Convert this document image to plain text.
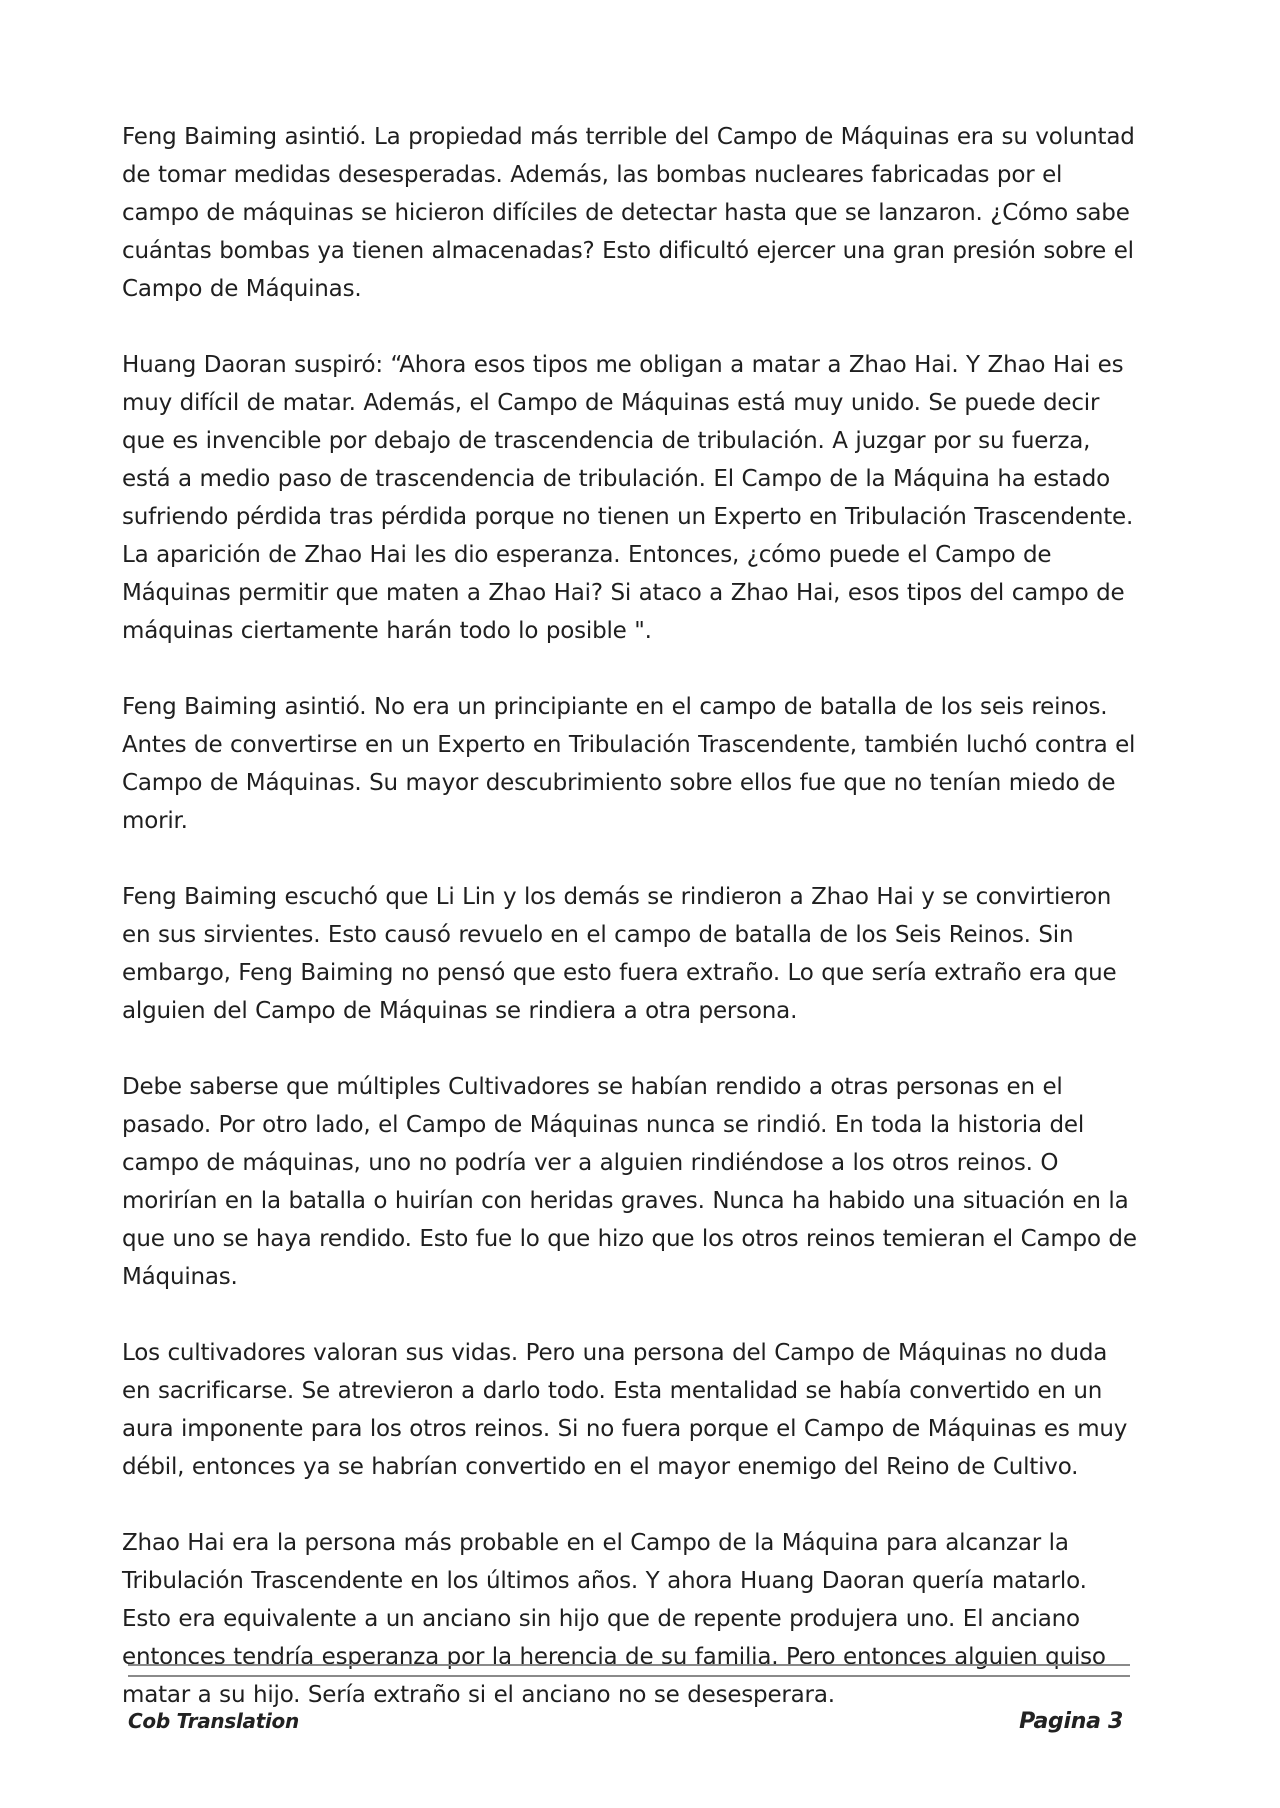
Feng Baiming asintió. La propiedad más terrible del Campo de Máquinas era su voluntad de tomar medidas desesperadas. Además, las bombas nucleares fabricadas por el campo de máquinas se hicieron difíciles de detectar hasta que se lanzaron. ¿Cómo sabe cuántas bombas ya tienen almacenadas? Esto dificultó ejercer una gran presión sobre el Campo de Máquinas.

Huang Daoran suspiró: “Ahora esos tipos me obligan a matar a Zhao Hai. Y Zhao Hai es muy difícil de matar. Además, el Campo de Máquinas está muy unido. Se puede decir que es invencible por debajo de trascendencia de tribulación. A juzgar por su fuerza, está a medio paso de trascendencia de tribulación. El Campo de la Máquina ha estado sufriendo pérdida tras pérdida porque no tienen un Experto en Tribulación Trascendente. La aparición de Zhao Hai les dio esperanza. Entonces, ¿cómo puede el Campo de Máquinas permitir que maten a Zhao Hai? Si ataco a Zhao Hai, esos tipos del campo de máquinas ciertamente harán todo lo posible ".

Feng Baiming asintió. No era un principiante en el campo de batalla de los seis reinos. Antes de convertirse en un Experto en Tribulación Trascendente, también luchó contra el Campo de Máquinas. Su mayor descubrimiento sobre ellos fue que no tenían miedo de morir.

Feng Baiming escuchó que Li Lin y los demás se rindieron a Zhao Hai y se convirtieron en sus sirvientes. Esto causó revuelo en el campo de batalla de los Seis Reinos. Sin embargo, Feng Baiming no pensó que esto fuera extraño. Lo que sería extraño era que alguien del Campo de Máquinas se rindiera a otra persona.

Debe saberse que múltiples Cultivadores se habían rendido a otras personas en el pasado. Por otro lado, el Campo de Máquinas nunca se rindió. En toda la historia del campo de máquinas, uno no podría ver a alguien rindiéndose a los otros reinos. O morirían en la batalla o huirían con heridas graves. Nunca ha habido una situación en la que uno se haya rendido. Esto fue lo que hizo que los otros reinos temieran el Campo de Máquinas.

Los cultivadores valoran sus vidas. Pero una persona del Campo de Máquinas no duda en sacrificarse. Se atrevieron a darlo todo. Esta mentalidad se había convertido en un aura imponente para los otros reinos. Si no fuera porque el Campo de Máquinas es muy débil, entonces ya se habrían convertido en el mayor enemigo del Reino de Cultivo.

Zhao Hai era la persona más probable en el Campo de la Máquina para alcanzar la Tribulación Trascendente en los últimos años. Y ahora Huang Daoran quería matarlo. Esto era equivalente a un anciano sin hijo que de repente produjera uno. El anciano entonces tendría esperanza por la herencia de su familia. Pero entonces alguien quiso matar a su hijo. Sería extraño si el anciano no se desesperara.

Cob Translation	Pagina 3
